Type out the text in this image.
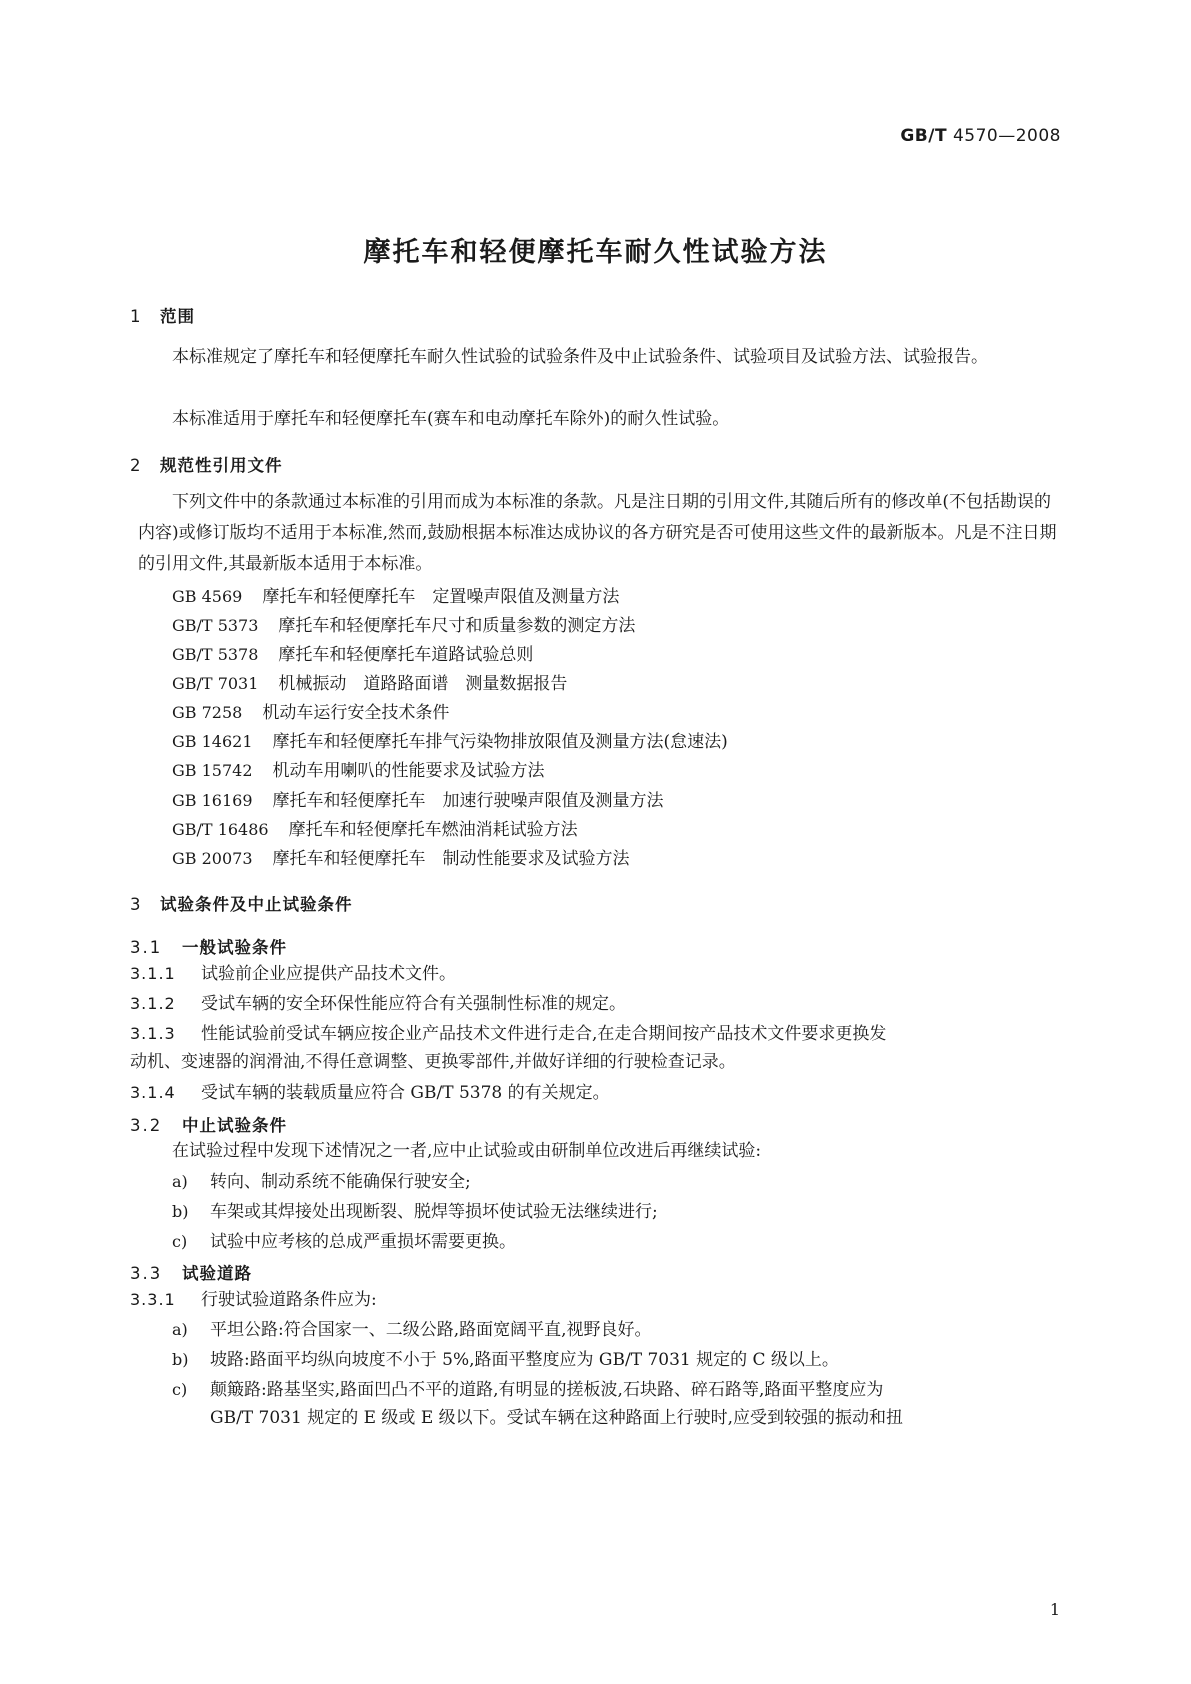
GB/T 4570—2008
摩托车和轻便摩托车耐久性试验方法
1 范围
本标准规定了摩托车和轻便摩托车耐久性试验的试验条件及中止试验条件、试验项目及试验方法、试验报告。
本标准适用于摩托车和轻便摩托车(赛车和电动摩托车除外)的耐久性试验。
2 规范性引用文件
下列文件中的条款通过本标准的引用而成为本标准的条款。凡是注日期的引用文件,其随后所有的修改单(不包括勘误的内容)或修订版均不适用于本标准,然而,鼓励根据本标准达成协议的各方研究是否可使用这些文件的最新版本。凡是不注日期的引用文件,其最新版本适用于本标准。
GB 4569 摩托车和轻便摩托车　定置噪声限值及测量方法
GB/T 5373 摩托车和轻便摩托车尺寸和质量参数的测定方法
GB/T 5378 摩托车和轻便摩托车道路试验总则
GB/T 7031 机械振动　道路路面谱　测量数据报告
GB 7258 机动车运行安全技术条件
GB 14621 摩托车和轻便摩托车排气污染物排放限值及测量方法(怠速法)
GB 15742 机动车用喇叭的性能要求及试验方法
GB 16169 摩托车和轻便摩托车　加速行驶噪声限值及测量方法
GB/T 16486 摩托车和轻便摩托车燃油消耗试验方法
GB 20073 摩托车和轻便摩托车　制动性能要求及试验方法
3 试验条件及中止试验条件
3.1 一般试验条件
3.1.1 试验前企业应提供产品技术文件。
3.1.2 受试车辆的安全环保性能应符合有关强制性标准的规定。
3.1.3 性能试验前受试车辆应按企业产品技术文件进行走合,在走合期间按产品技术文件要求更换发
动机、变速器的润滑油,不得任意调整、更换零部件,并做好详细的行驶检查记录。
3.1.4 受试车辆的装载质量应符合 GB/T 5378 的有关规定。
3.2 中止试验条件
在试验过程中发现下述情况之一者,应中止试验或由研制单位改进后再继续试验:
a) 转向、制动系统不能确保行驶安全;
b) 车架或其焊接处出现断裂、脱焊等损坏使试验无法继续进行;
c) 试验中应考核的总成严重损坏需要更换。
3.3 试验道路
3.3.1 行驶试验道路条件应为:
a) 平坦公路:符合国家一、二级公路,路面宽阔平直,视野良好。
b) 坡路:路面平均纵向坡度不小于 5%,路面平整度应为 GB/T 7031 规定的 C 级以上。
c) 颠簸路:路基坚实,路面凹凸不平的道路,有明显的搓板波,石块路、碎石路等,路面平整度应为
GB/T 7031 规定的 E 级或 E 级以下。受试车辆在这种路面上行驶时,应受到较强的振动和扭
1
